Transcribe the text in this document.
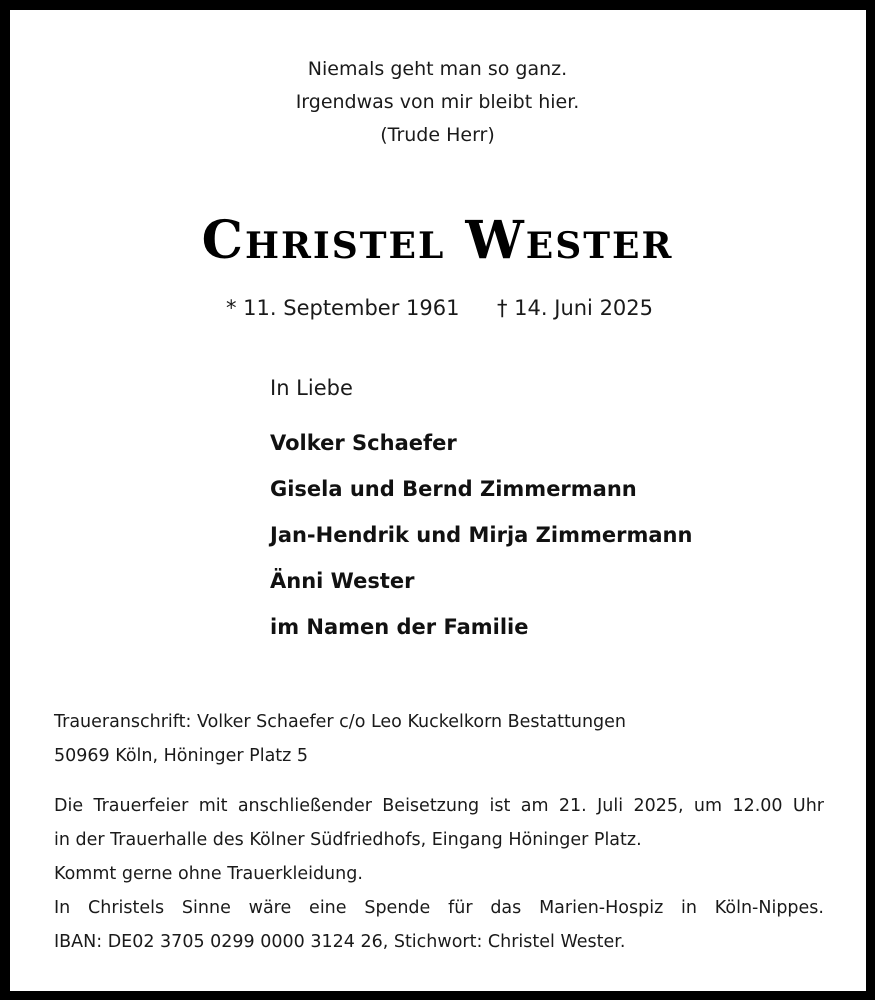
Niemals geht man so ganz.
Irgendwas von mir bleibt hier.
(Trude Herr)
Christel Wester
* 11. September 1961 † 14. Juni 2025
In Liebe
Volker Schaefer
Gisela und Bernd Zimmermann
Jan-Hendrik und Mirja Zimmermann
Änni Wester
im Namen der Familie
Traueranschrift: Volker Schaefer c/o Leo Kuckelkorn Bestattungen
50969 Köln, Höninger Platz 5
Die Trauerfeier mit anschließender Beisetzung ist am 21. Juli 2025, um 12.00 Uhr
in der Trauerhalle des Kölner Südfriedhofs, Eingang Höninger Platz.
Kommt gerne ohne Trauerkleidung.
In Christels Sinne wäre eine Spende für das Marien-Hospiz in Köln-Nippes.
IBAN: DE02 3705 0299 0000 3124 26, Stichwort: Christel Wester.
